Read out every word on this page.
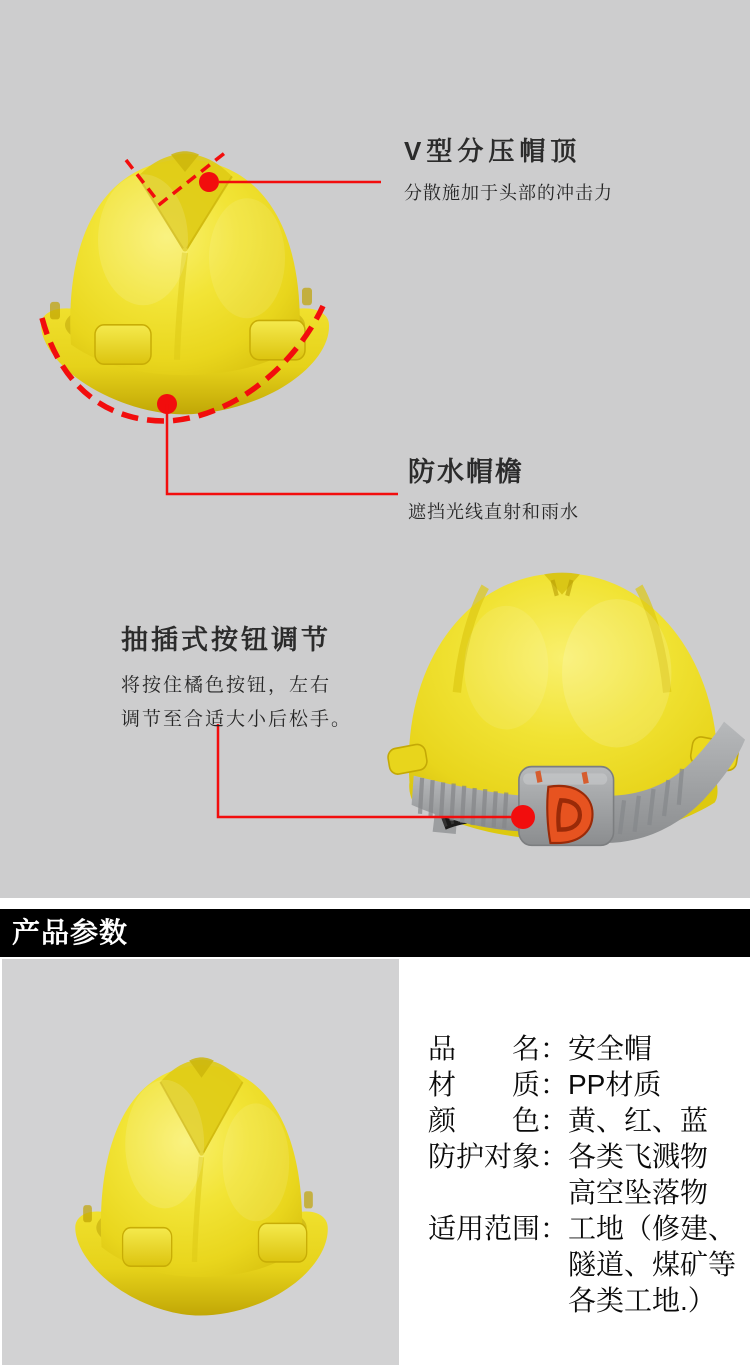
V型分压帽顶
分散施加于头部的冲击力
防水帽檐
遮挡光线直射和雨水
抽插式按钮调节
将按住橘色按钮，左右
调节至合适大小后松手。
产品参数
品名：安全帽
材质：PP材质
颜色：黄、红、蓝
防护对象：各类飞溅物
高空坠落物
适用范围：工地（修建、
隧道、煤矿等
各类工地.）
